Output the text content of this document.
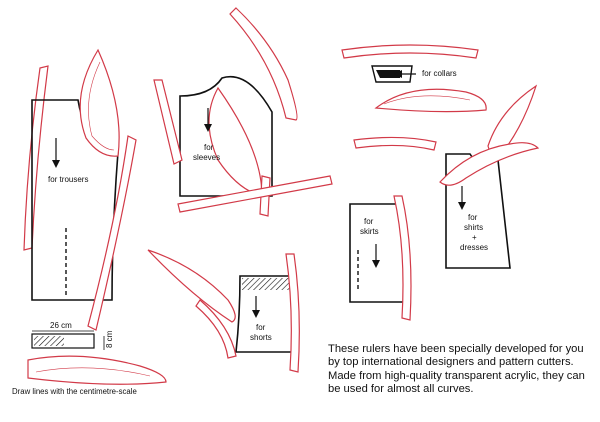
for trousers
for
sleeves
for collars
for
shirts
+
dresses
for
skirts
for
shorts
26 cm
8 cm
Draw lines with the centimetre-scale

These rulers have been specially developed for you by top international designers and pattern cutters. Made from high-quality transparent acrylic, they can be used for almost all curves.
